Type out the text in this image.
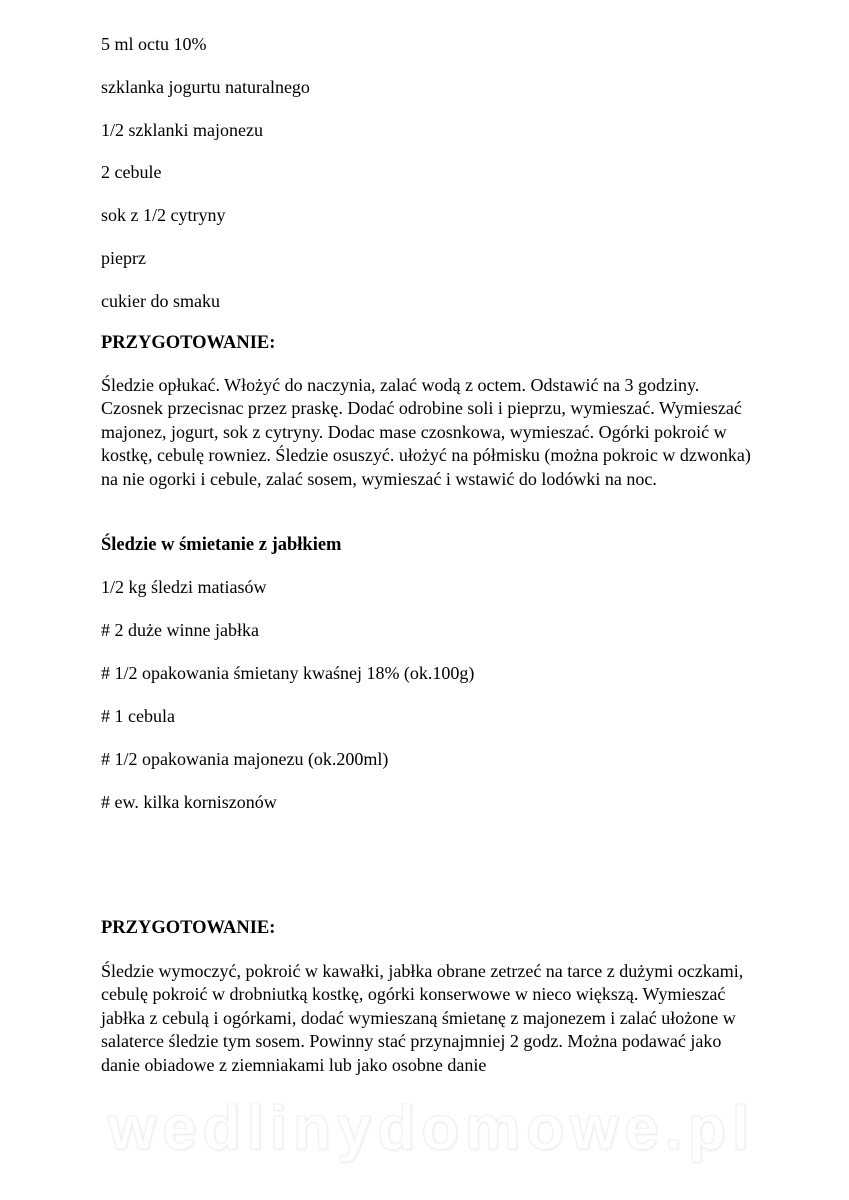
5 ml octu 10%

szklanka jogurtu naturalnego

1/2 szklanki majonezu

2 cebule

sok z 1/2 cytryny

pieprz

cukier do smaku

PRZYGOTOWANIE:

Śledzie opłukać. Włożyć do naczynia, zalać wodą z octem. Odstawić na 3 godziny. Czosnek przecisnac przez praskę. Dodać odrobine soli i pieprzu, wymieszać. Wymieszać majonez, jogurt, sok z cytryny. Dodac mase czosnkowa, wymieszać. Ogórki pokroić w kostkę, cebulę rowniez. Śledzie osuszyć. ułożyć na półmisku (można pokroic w dzwonka) na nie ogorki i cebule, zalać sosem, wymieszać i wstawić do lodówki na noc.

Śledzie w śmietanie z jabłkiem

1/2 kg śledzi matiasów

# 2 duże winne jabłka

# 1/2 opakowania śmietany kwaśnej 18% (ok.100g)

# 1 cebula

# 1/2 opakowania majonezu (ok.200ml)

# ew. kilka korniszonów

PRZYGOTOWANIE:

Śledzie wymoczyć, pokroić w kawałki, jabłka obrane zetrzeć na tarce z dużymi oczkami, cebulę pokroić w drobniutką kostkę, ogórki konserwowe w nieco większą. Wymieszać jabłka z cebulą i ogórkami, dodać wymieszaną śmietanę z majonezem i zalać ułożone w salaterce śledzie tym sosem. Powinny stać przynajmniej 2 godz. Można podawać jako danie obiadowe z ziemniakami lub jako osobne danie

wedlinydomowe.pl
